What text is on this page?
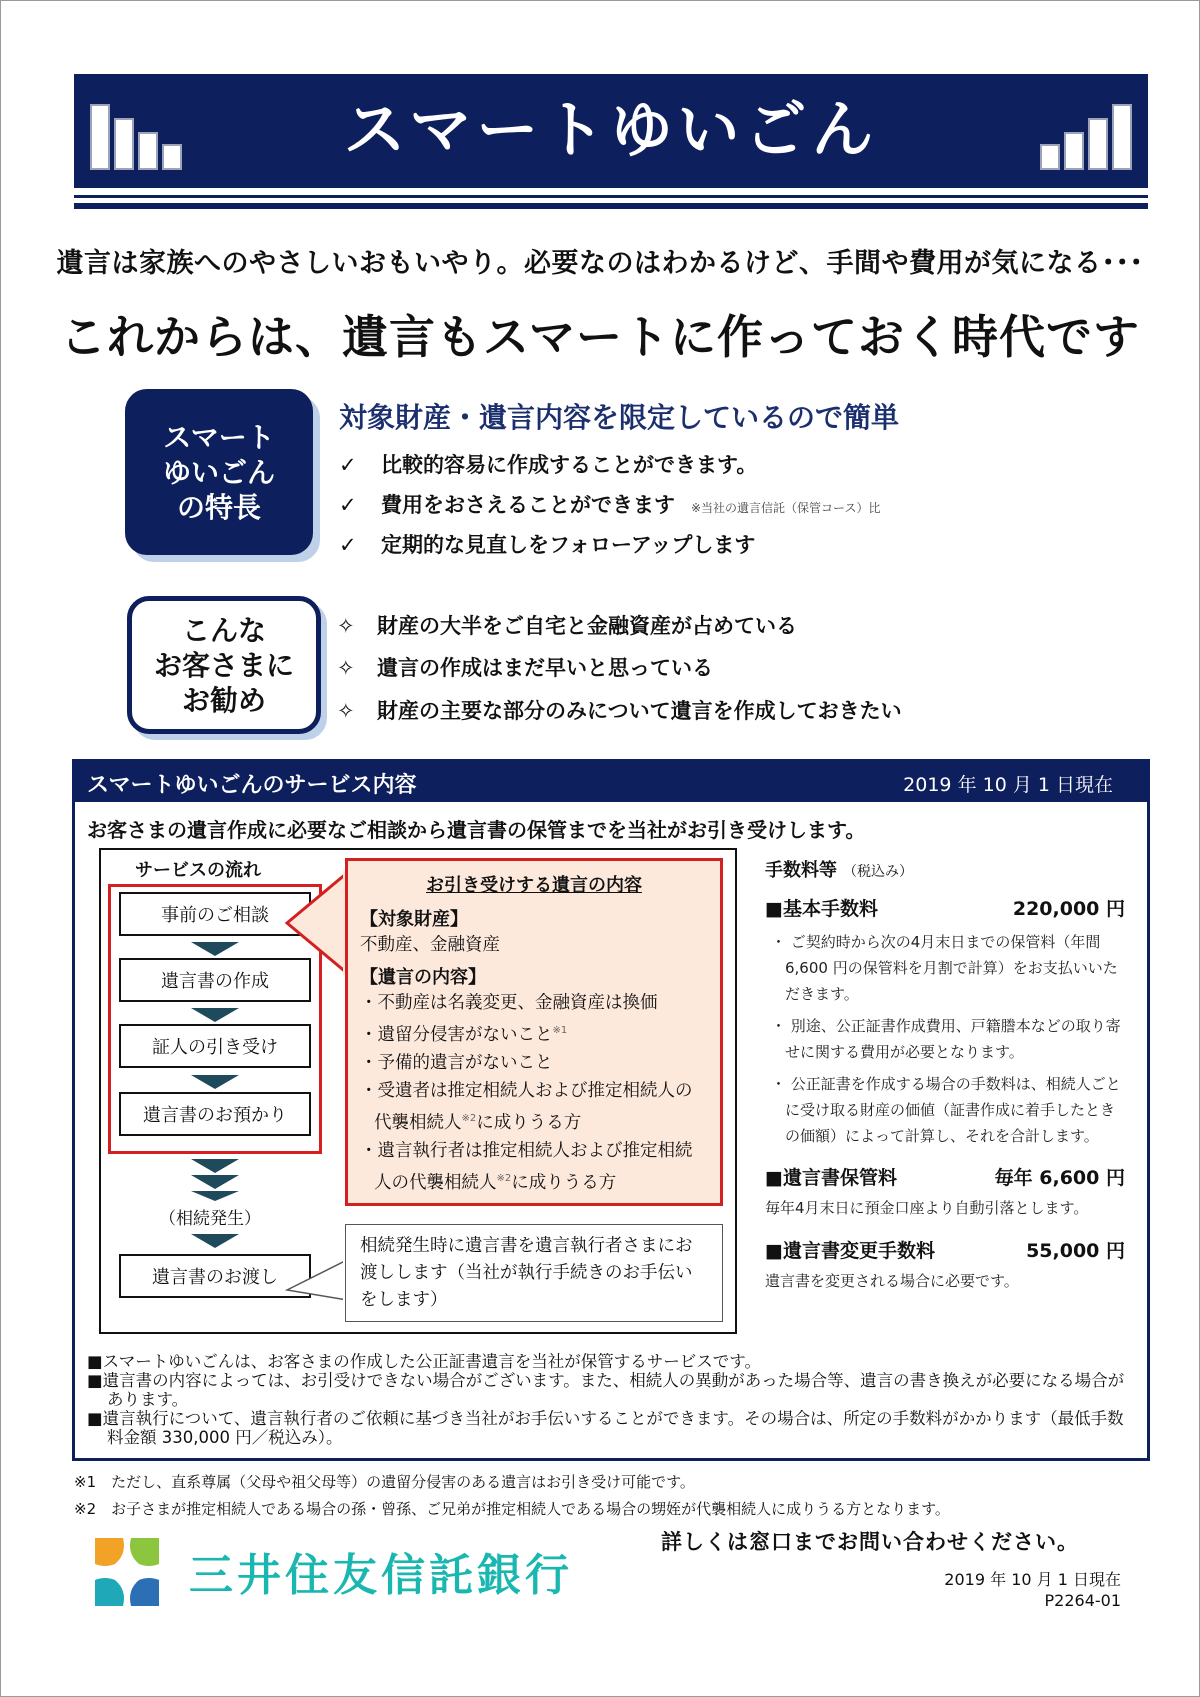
スマートゆいごん
遺言は家族へのやさしいおもいやり。必要なのはわかるけど、手間や費用が気になる･･･
これからは、遺言もスマートに作っておく時代です
スマート
ゆいごん
の特長
対象財産・遺言内容を限定しているので簡単
✓ 比較的容易に作成することができます。
✓ 費用をおさえることができます ※当社の遺言信託（保管コース）比
✓ 定期的な見直しをフォローアップします
こんな
お客さまに
お勧め
✧ 財産の大半をご自宅と金融資産が占めている
✧ 遺言の作成はまだ早いと思っている
✧ 財産の主要な部分のみについて遺言を作成しておきたい
スマートゆいごんのサービス内容	2019 年 10 月 1 日現在
お客さまの遺言作成に必要なご相談から遺言書の保管までを当社がお引き受けします。
サービスの流れ
事前のご相談
遺言書の作成
証人の引き受け
遺言書のお預かり
（相続発生）
遺言書のお渡し
お引き受けする遺言の内容
【対象財産】
不動産、金融資産
【遺言の内容】
・不動産は名義変更、金融資産は換価
・遺留分侵害がないこと$^{※1}$
・予備的遺言がないこと
・受遺者は推定相続人および推定相続人の代襲相続人$^{※2}$に成りうる方
・遺言執行者は推定相続人および推定相続人の代襲相続人$^{※2}$に成りうる方
相続発生時に遺言書を遺言執行者さまにお渡しします（当社が執行手続きのお手伝いをします）
手数料等 （税込み）
■基本手数料	220,000 円
・ ご契約時から次の4月末日までの保管料（年間6,600 円の保管料を月割で計算）をお支払いいただきます。
・ 別途、公正証書作成費用、戸籍謄本などの取り寄せに関する費用が必要となります。
・ 公正証書を作成する場合の手数料は、相続人ごとに受け取る財産の価値（証書作成に着手したときの価額）によって計算し、それを合計します。
■遺言書保管料	毎年 6,600 円
毎年4月末日に預金口座より自動引落とします。
■遺言書変更手数料	55,000 円
遺言書を変更される場合に必要です。
■スマートゆいごんは、お客さまの作成した公正証書遺言を当社が保管するサービスです。
■遺言書の内容によっては、お引受けできない場合がございます。また、相続人の異動があった場合等、遺言の書き換えが必要になる場合があります。
■遺言執行について、遺言執行者のご依頼に基づき当社がお手伝いすることができます。その場合は、所定の手数料がかかります（最低手数料金額 330,000 円／税込み）。
※1　ただし、直系尊属（父母や祖父母等）の遺留分侵害のある遺言はお引き受け可能です。
※2　お子さまが推定相続人である場合の孫・曾孫、ご兄弟が推定相続人である場合の甥姪が代襲相続人に成りうる方となります。
三井住友信託銀行
詳しくは窓口までお問い合わせください。
2019 年 10 月 1 日現在
P2264-01
